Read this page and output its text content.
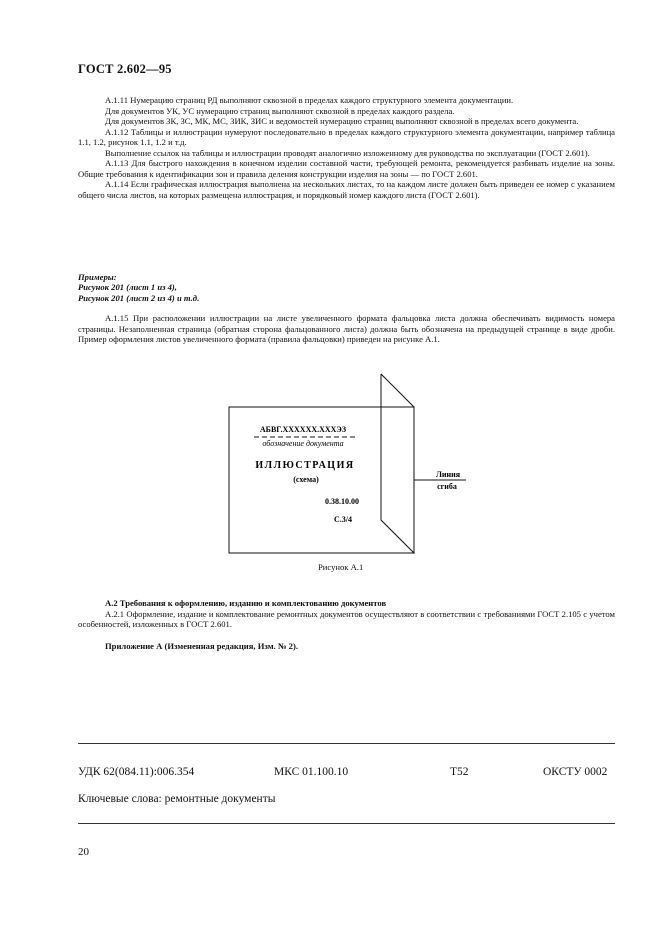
ГОСТ 2.602—95

А.1.11 Нумерацию страниц РД выполняют сквозной в пределах каждого структурного элемента документации.

Для документов УК, УС нумерацию страниц выполняют сквозной в пределах каждого раздела.

Для документов ЗК, ЗС, МК, МС, ЗИК, ЗИС и ведомостей нумерацию страниц выполняют сквозной в пределах всего документа.

А.1.12 Таблицы и иллюстрации нумеруют последовательно в пределах каждого структурного элемента документации, например таблица 1.1, 1.2, рисунок 1.1, 1.2 и т.д.

Выполнение ссылок на таблицы и иллюстрации проводят аналогично изложенному для руководства по эксплуатации (ГОСТ 2.601).

А.1.13 Для быстрого нахождения в конечном изделии составной части, требующей ремонта, рекомендуется разбивать изделие на зоны. Общие требования к идентификации зон и правила деления конструкции изделия на зоны — по ГОСТ 2.601.

А.1.14 Если графическая иллюстрация выполнена на нескольких листах, то на каждом листе должен быть приведен ее номер с указанием общего числа листов, на которых размещена иллюстрация, и порядковый номер каждого листа (ГОСТ 2.601).

Примеры:
Рисунок 201 (лист 1 из 4),
Рисунок 201 (лист 2 из 4) и т.д.

А.1.15 При расположении иллюстрации на листе увеличенного формата фальцовка листа должна обеспечивать видимость номера страницы. Незаполненная страница (обратная сторона фальцованного листа) должна быть обозначена на предыдущей странице в виде дроби. Пример оформления листов увеличенного формата (правила фальцовки) приведен на рисунке А.1.

АБВГ.ХХХХХХ.ХХХЭЗ
обозначение документа
ИЛЛЮСТРАЦИЯ
(схема)
0.38.10.00
С.3/4
Линия
сгиба
Рисунок А.1

А.2 Требования к оформлению, изданию и комплектованию документов

А.2.1 Оформление, издание и комплектование ремонтных документов осуществляют в соответствии с требованиями ГОСТ 2.105 с учетом особенностей, изложенных в ГОСТ 2.601.

Приложение А (Измененная редакция, Изм. № 2).
УДК 62(084.11):006.354	МКС 01.100.10	Т52	ОКСТУ 0002
Ключевые слова: ремонтные документы
20
